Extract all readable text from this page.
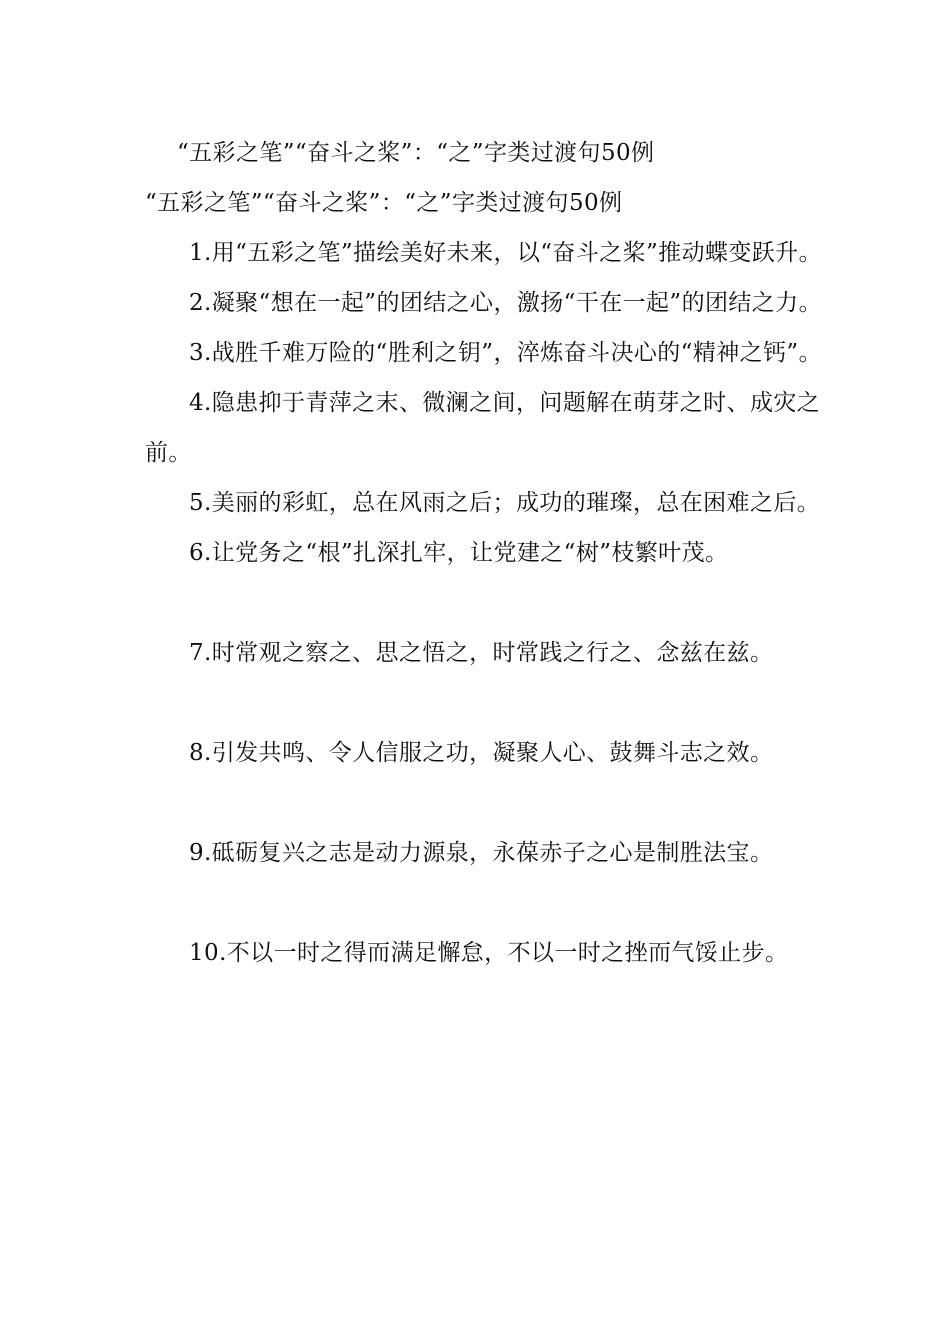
“五彩之笔”“奋斗之桨”：“之”字类过渡句50例

“五彩之笔”“奋斗之桨”：“之”字类过渡句50例

1.用“五彩之笔”描绘美好未来，以“奋斗之桨”推动蝶变跃升。

2.凝聚“想在一起”的团结之心，激扬“干在一起”的团结之力。

3.战胜千难万险的“胜利之钥”，淬炼奋斗决心的“精神之钙”。

4.隐患抑于青萍之末、微澜之间，问题解在萌芽之时、成灾之前。

5.美丽的彩虹，总在风雨之后；成功的璀璨，总在困难之后。

6.让党务之“根”扎深扎牢，让党建之“树”枝繁叶茂。

7.时常观之察之、思之悟之，时常践之行之、念兹在兹。

8.引发共鸣、令人信服之功，凝聚人心、鼓舞斗志之效。

9.砥砺复兴之志是动力源泉，永葆赤子之心是制胜法宝。

10.不以一时之得而满足懈怠，不以一时之挫而气馁止步。
